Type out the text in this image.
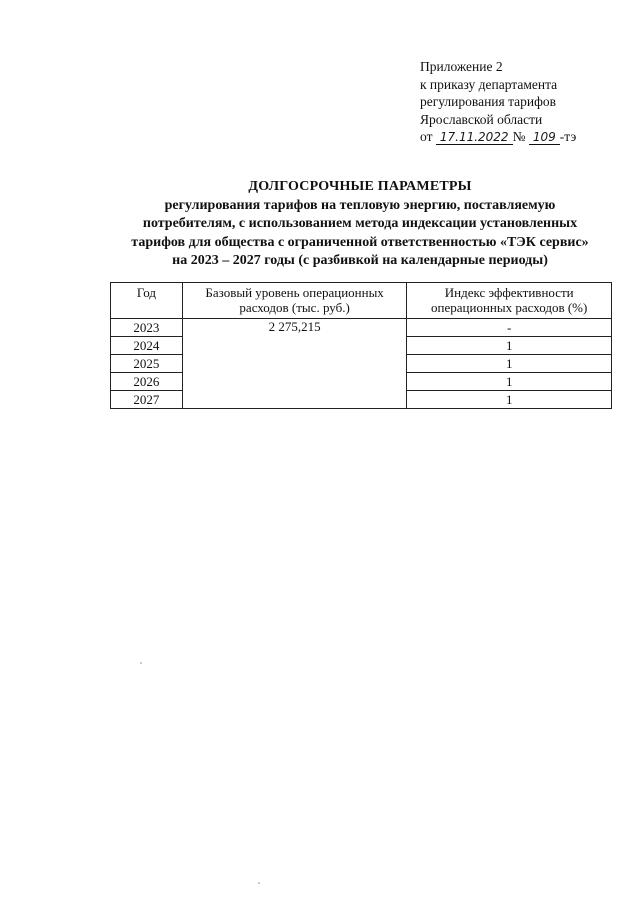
Приложение 2
к приказу департамента
регулирования тарифов
Ярославской области
от 17.11.2022 № 109 -тэ
ДОЛГОСРОЧНЫЕ ПАРАМЕТРЫ
регулирования тарифов на тепловую энергию, поставляемую
потребителям, с использованием метода индексации установленных
тарифов для общества с ограниченной ответственностью «ТЭК сервис»
на 2023 – 2027 годы (с разбивкой на календарные периоды)
Год	Базовый уровень операционных расходов (тыс. руб.)	Индекс эффективности операционных расходов (%)
2023	2 275,215	-
2024		1
2025		1
2026		1
2027		1
